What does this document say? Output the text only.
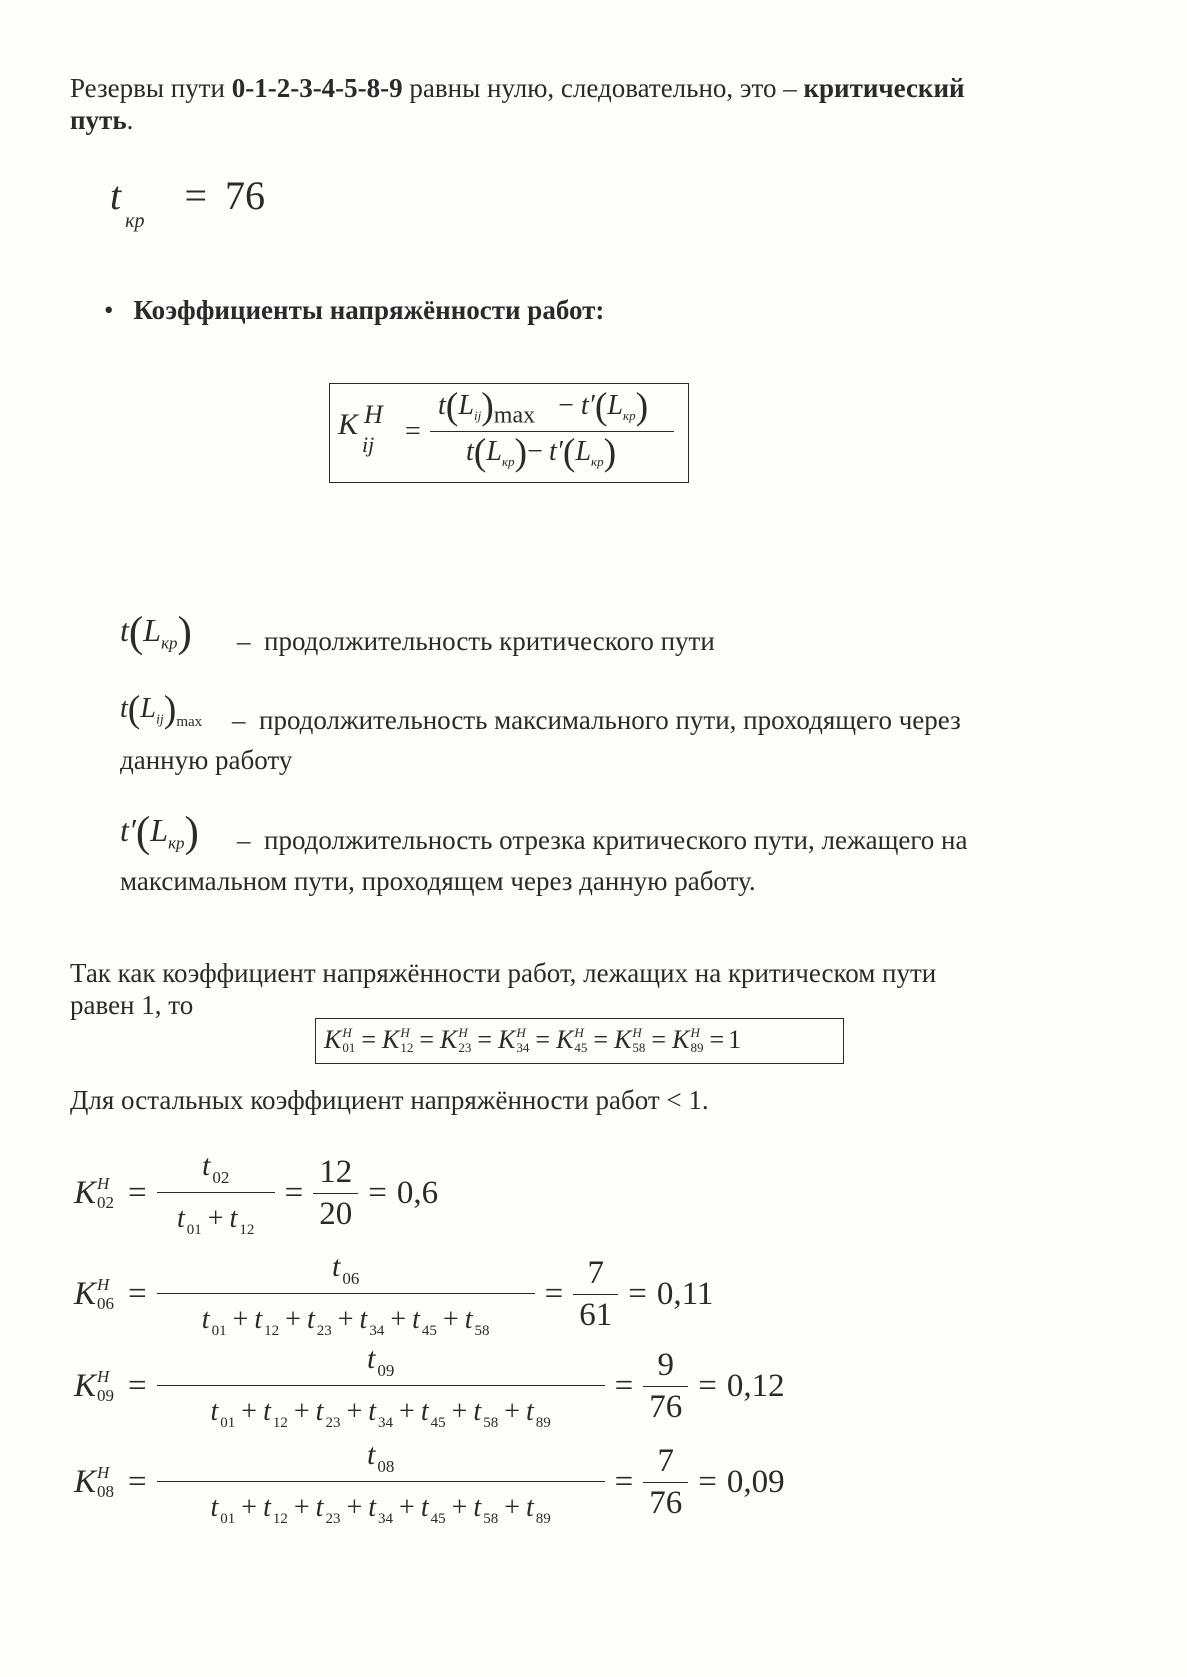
Резервы пути 0-1-2-3-4-5-8-9 равны нулю, следовательно, это – критический
путь.
$t_{кр} = 76$
• Коэффициенты напряжённости работ:
K H
ij =
$t(L_{ij})\max - t'(L_{кр})$
$t(L_{кр})- t'(L_{кр})$
$t(L_{кр})$ – продолжительность критического пути
$t(L_{ij})_{max}$ – продолжительность максимального пути, проходящего через
данную работу
$t'(L_{кр})$ – продолжительность отрезка критического пути, лежащего на
максимальном пути, проходящем через данную работу.
Так как коэффициент напряжённости работ, лежащих на критическом пути
равен 1, то
K H
01 = K H
12 = K H
23 = K H
34 = K H
45 = K H
58 = K H
89 = 1
Для остальных коэффициент напряжённости работ < 1.
K H
$02 = \frac{t _{02}}{t _{01} + t _{12}} = \frac{12}{20} = 0,6$
K H
$06 = \frac{t _{06}}{t _{01} + t _{12} + t _{23} + t _{34} + t _{45} + t _{58}} = \frac{7}{61} = 0,11$
K H
$09 = \frac{t _{09}}{t _{01} + t _{12} + t _{23} + t _{34} + t _{45} + t _{58} + t _{89}} = \frac{9}{76} = 0,12$
K H
$08 = \frac{t _{08}}{t _{01} + t _{12} + t _{23} + t _{34} + t _{45} + t _{58} + t _{89}} = \frac{7}{76} = 0,09$
